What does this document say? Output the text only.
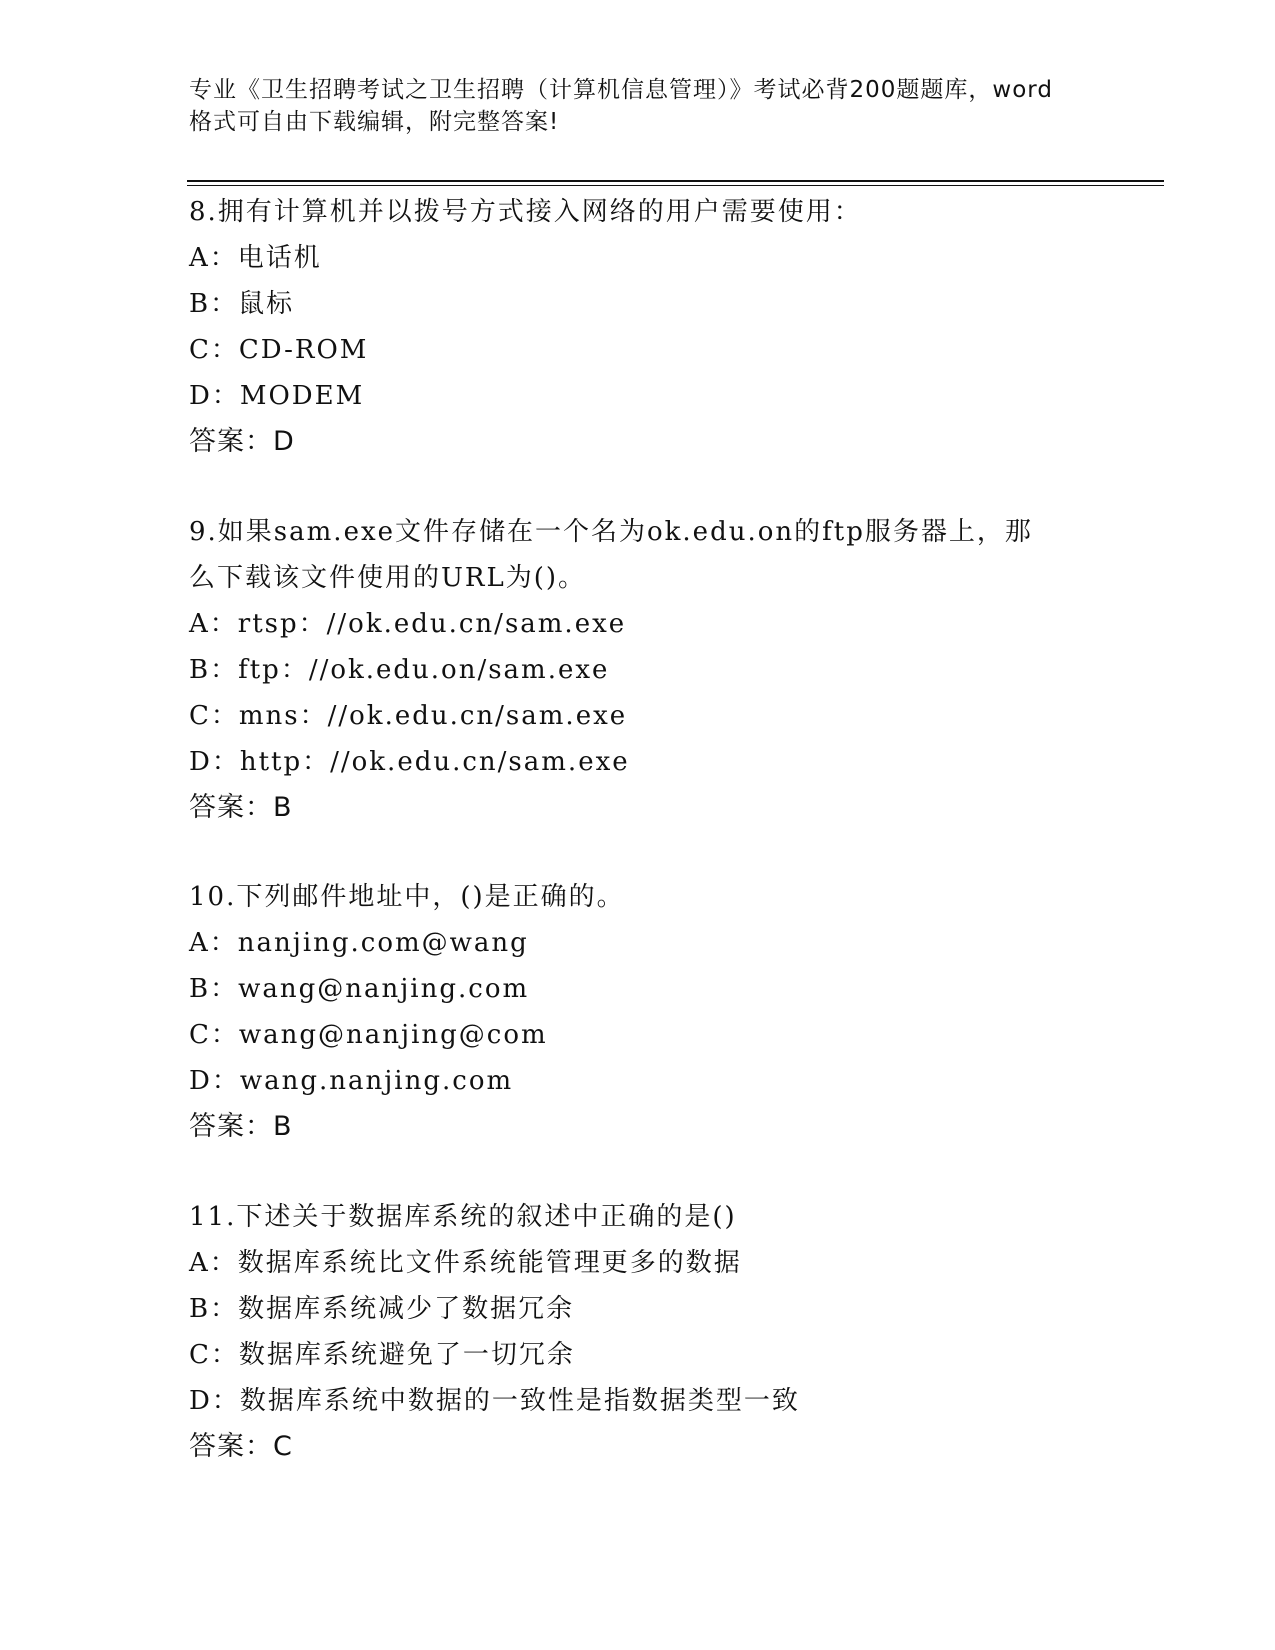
专业《卫生招聘考试之卫生招聘（计算机信息管理）》考试必背200题题库，word
格式可自由下载编辑，附完整答案!
8.拥有计算机并以拨号方式接入网络的用户需要使用：
A：电话机
B：鼠标
C：CD-ROM
D：MODEM
答案：D
9.如果sam.exe文件存储在一个名为ok.edu.on的ftp服务器上，那
么下载该文件使用的URL为()。
A：rtsp：//ok.edu.cn/sam.exe
B：ftp：//ok.edu.on/sam.exe
C：mns：//ok.edu.cn/sam.exe
D：http：//ok.edu.cn/sam.exe
答案：B
10.下列邮件地址中，()是正确的。
A：nanjing.com@wang
B：wang@nanjing.com
C：wang@nanjing@com
D：wang.nanjing.com
答案：B
11.下述关于数据库系统的叙述中正确的是()
A：数据库系统比文件系统能管理更多的数据
B：数据库系统减少了数据冗余
C：数据库系统避免了一切冗余
D：数据库系统中数据的一致性是指数据类型一致
答案：C
